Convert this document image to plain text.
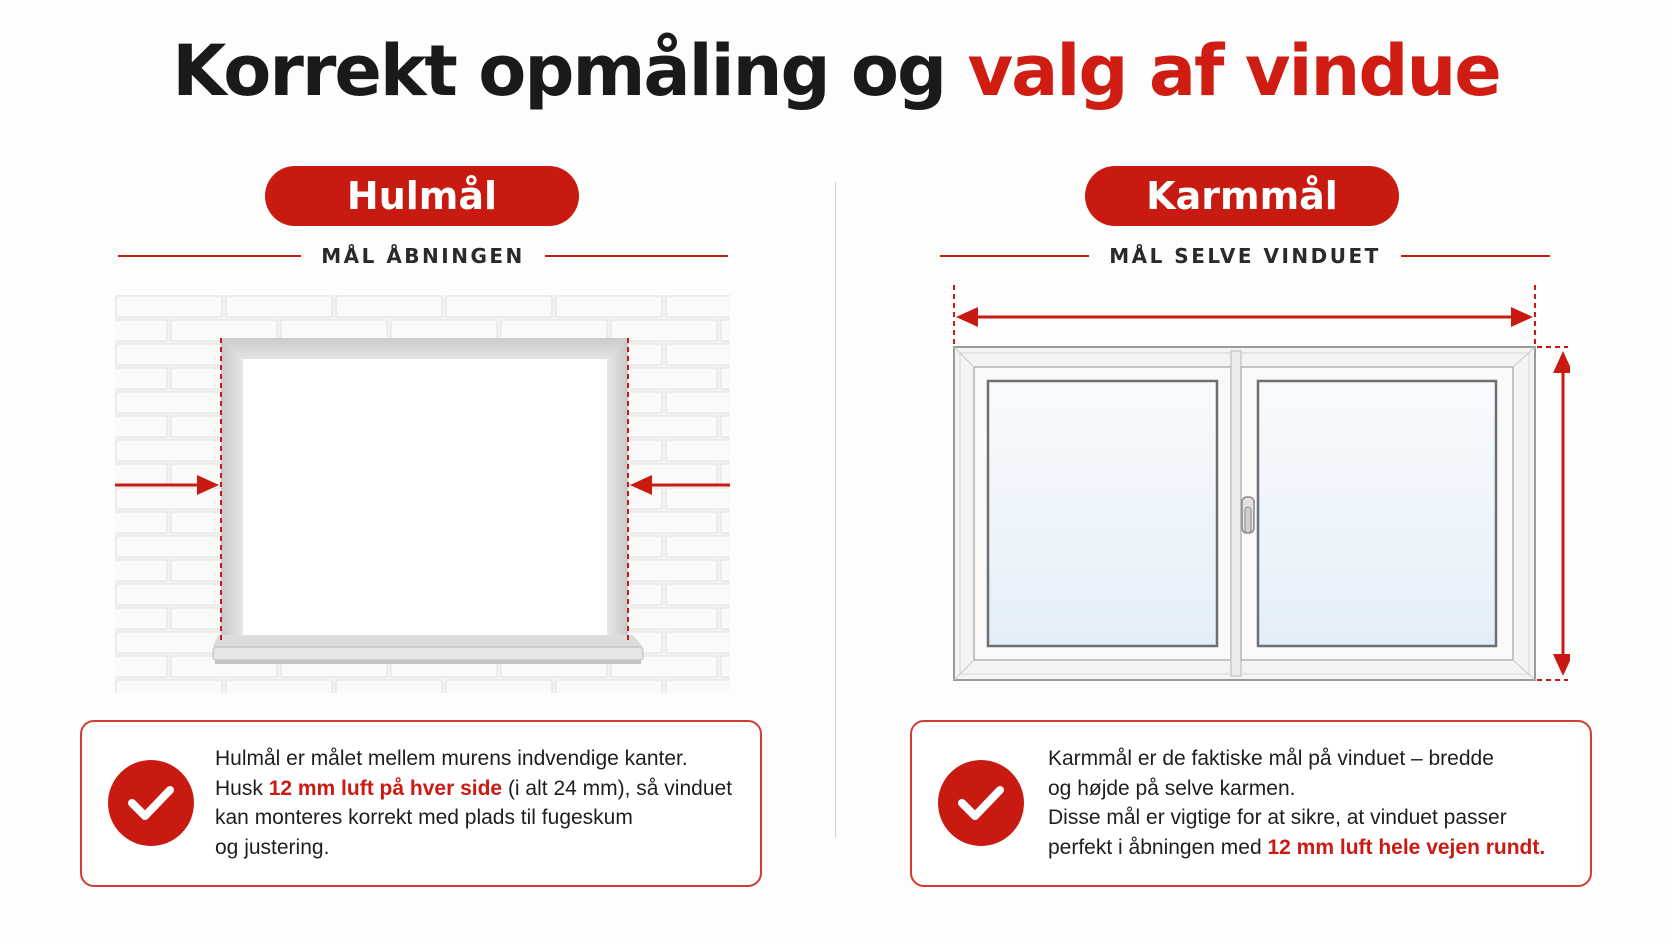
Korrekt opmåling og valg af vindue
Hulmål
MÅL ÅBNINGEN
Hulmål er målet mellem murens indvendige kanter.
Husk 12 mm luft på hver side (i alt 24 mm), så vinduet
kan monteres korrekt med plads til fugeskum
og justering.
Karmmål
MÅL SELVE VINDUET
Karmmål er de faktiske mål på vinduet – bredde
og højde på selve karmen.
Disse mål er vigtige for at sikre, at vinduet passer
perfekt i åbningen med 12 mm luft hele vejen rundt.
